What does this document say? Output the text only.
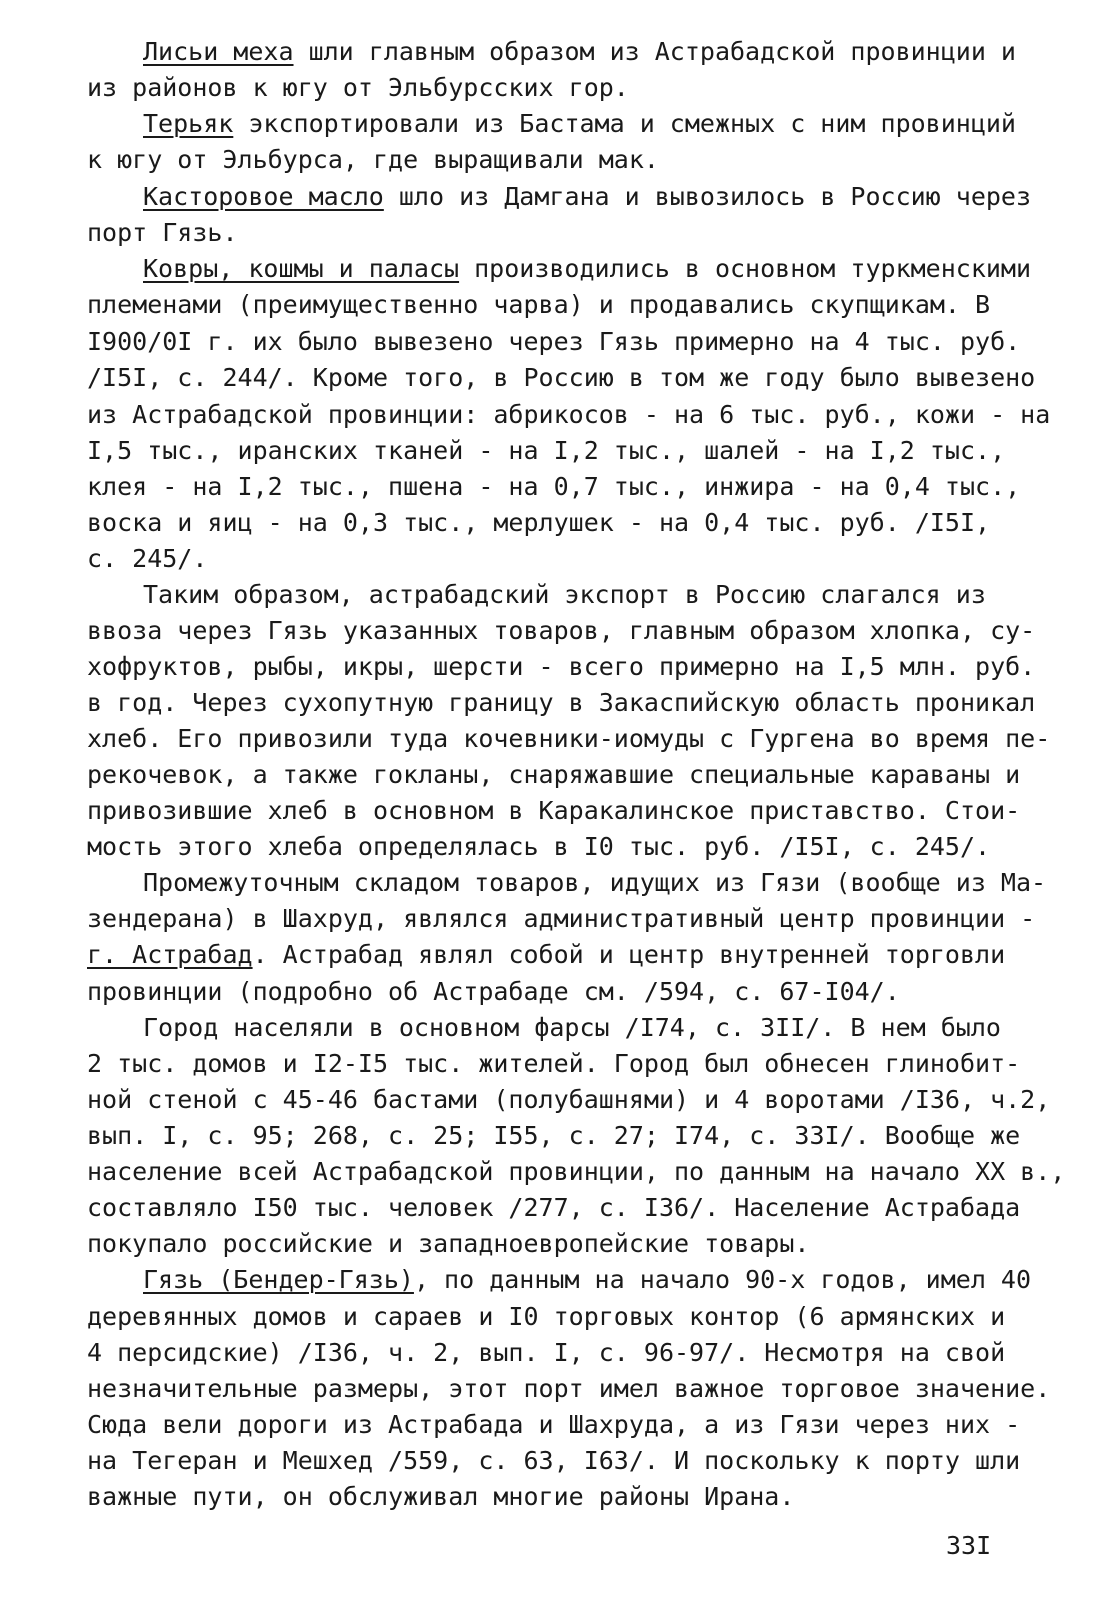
Лисьи меха шли главным образом из Астрабадской провинции и
из районов к югу от Эльбурсских гор.
Терьяк экспортировали из Бастама и смежных с ним провинций
к югу от Эльбурса, где выращивали мак.
Касторовое масло шло из Дамгана и вывозилось в Россию через
порт Гязь.
Ковры, кошмы и паласы производились в основном туркменскими
племенами (преимущественно чарва) и продавались скупщикам. В
I900/0I г. их было вывезено через Гязь примерно на 4 тыс. руб.
/I5I, с. 244/. Кроме того, в Россию в том же году было вывезено
из Астрабадской провинции: абрикосов - на 6 тыс. руб., кожи - на
I,5 тыс., иранских тканей - на I,2 тыс., шалей - на I,2 тыс.,
клея - на I,2 тыс., пшена - на 0,7 тыс., инжира - на 0,4 тыс.,
воска и яиц - на 0,3 тыс., мерлушек - на 0,4 тыс. руб. /I5I,
с. 245/.
Таким образом, астрабадский экспорт в Россию слагался из
ввоза через Гязь указанных товаров, главным образом хлопка, су-
хофруктов, рыбы, икры, шерсти - всего примерно на I,5 млн. руб.
в год. Через сухопутную границу в Закаспийскую область проникал
хлеб. Его привозили туда кочевники-иомуды с Гургена во время пе-
рекочевок, а также гокланы, снаряжавшие специальные караваны и
привозившие хлеб в основном в Каракалинское приставство. Стои-
мость этого хлеба определялась в I0 тыс. руб. /I5I, с. 245/.
Промежуточным складом товаров, идущих из Гязи (вообще из Ма-
зендерана) в Шахруд, являлся административный центр провинции -
г. Астрабад. Астрабад являл собой и центр внутренней торговли
провинции (подробно об Астрабаде см. /594, с. 67-I04/.
Город населяли в основном фарсы /I74, с. 3II/. В нем было
2 тыс. домов и I2-I5 тыс. жителей. Город был обнесен глинобит-
ной стеной с 45-46 бастами (полубашнями) и 4 воротами /I36, ч.2,
вып. I, с. 95; 268, с. 25; I55, с. 27; I74, с. 33I/. Вообще же
население всей Астрабадской провинции, по данным на начало XX в.,
составляло I50 тыс. человек /277, с. I36/. Население Астрабада
покупало российские и западноевропейские товары.
Гязь (Бендер-Гязь), по данным на начало 90-х годов, имел 40
деревянных домов и сараев и I0 торговых контор (6 армянских и
4 персидские) /I36, ч. 2, вып. I, с. 96-97/. Несмотря на свой
незначительные размеры, этот порт имел важное торговое значение.
Сюда вели дороги из Астрабада и Шахруда, а из Гязи через них -
на Тегеран и Мешхед /559, с. 63, I63/. И поскольку к порту шли
важные пути, он обслуживал многие районы Ирана.
33I
